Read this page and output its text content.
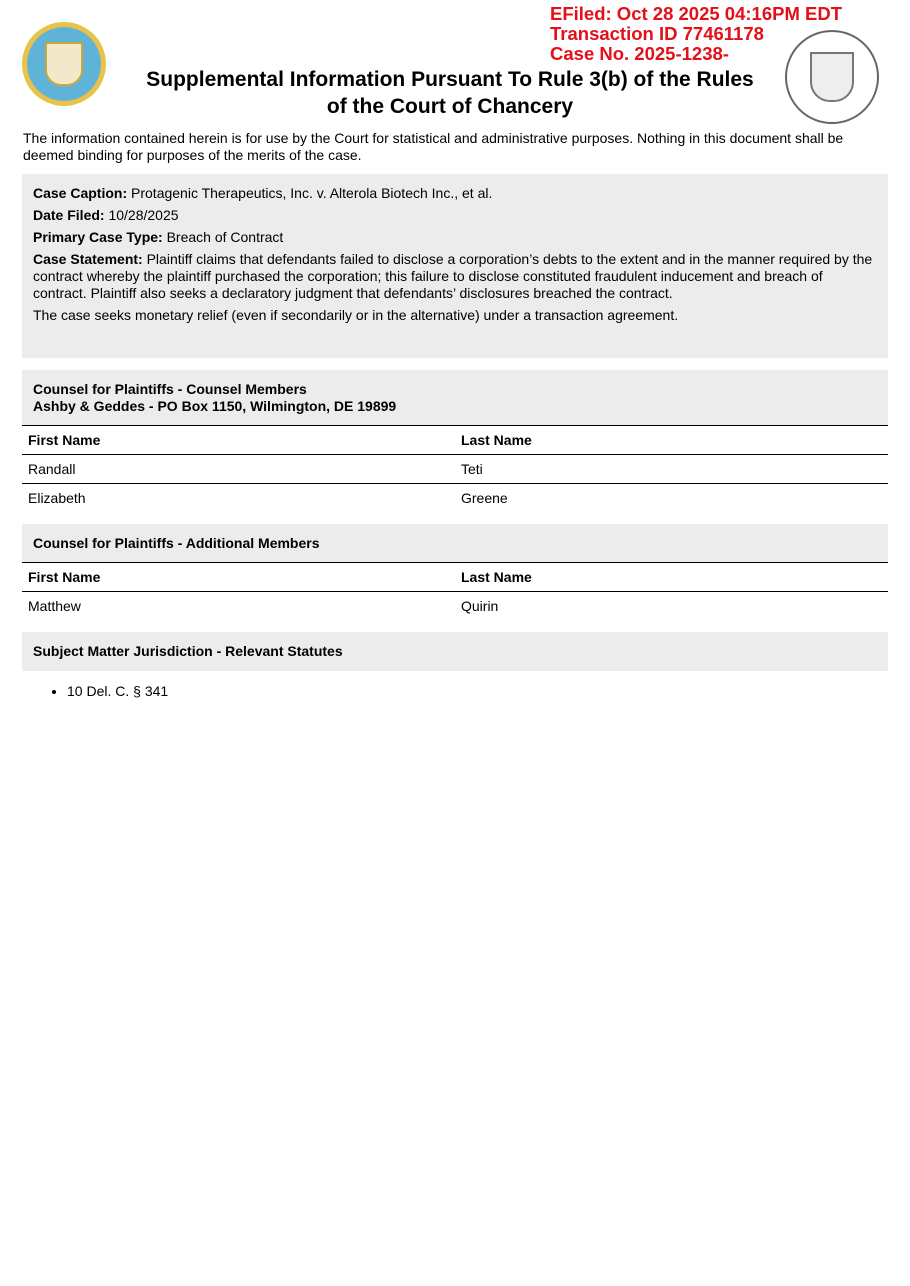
Supplemental Information Pursuant To Rule 3(b) of the Rules
of the Court of Chancery
EFiled: Oct 28 2025 04:16PM EDT
Transaction ID 77461178
Case No. 2025-1238-
The information contained herein is for use by the Court for statistical and administrative purposes. Nothing in this document shall be deemed binding for purposes of the merits of the case.

Case Caption: Protagenic Therapeutics, Inc. v. Alterola Biotech Inc., et al.

Date Filed: 10/28/2025

Primary Case Type: Breach of Contract

Case Statement: Plaintiff claims that defendants failed to disclose a corporation’s debts to the extent and in the manner required by the contract whereby the plaintiff purchased the corporation; this failure to disclose constituted fraudulent inducement and breach of contract. Plaintiff also seeks a declaratory judgment that defendants’ disclosures breached the contract.

The case seeks monetary relief (even if secondarily or in the alternative) under a transaction agreement.

Counsel for Plaintiffs - Counsel Members
Ashby & Geddes - PO Box 1150, Wilmington, DE 19899
First Name	Last Name
Randall	Teti
Elizabeth	Greene
Counsel for Plaintiffs - Additional Members
First Name	Last Name
Matthew	Quirin
Subject Matter Jurisdiction - Relevant Statutes
• 10 Del. C. § 341
